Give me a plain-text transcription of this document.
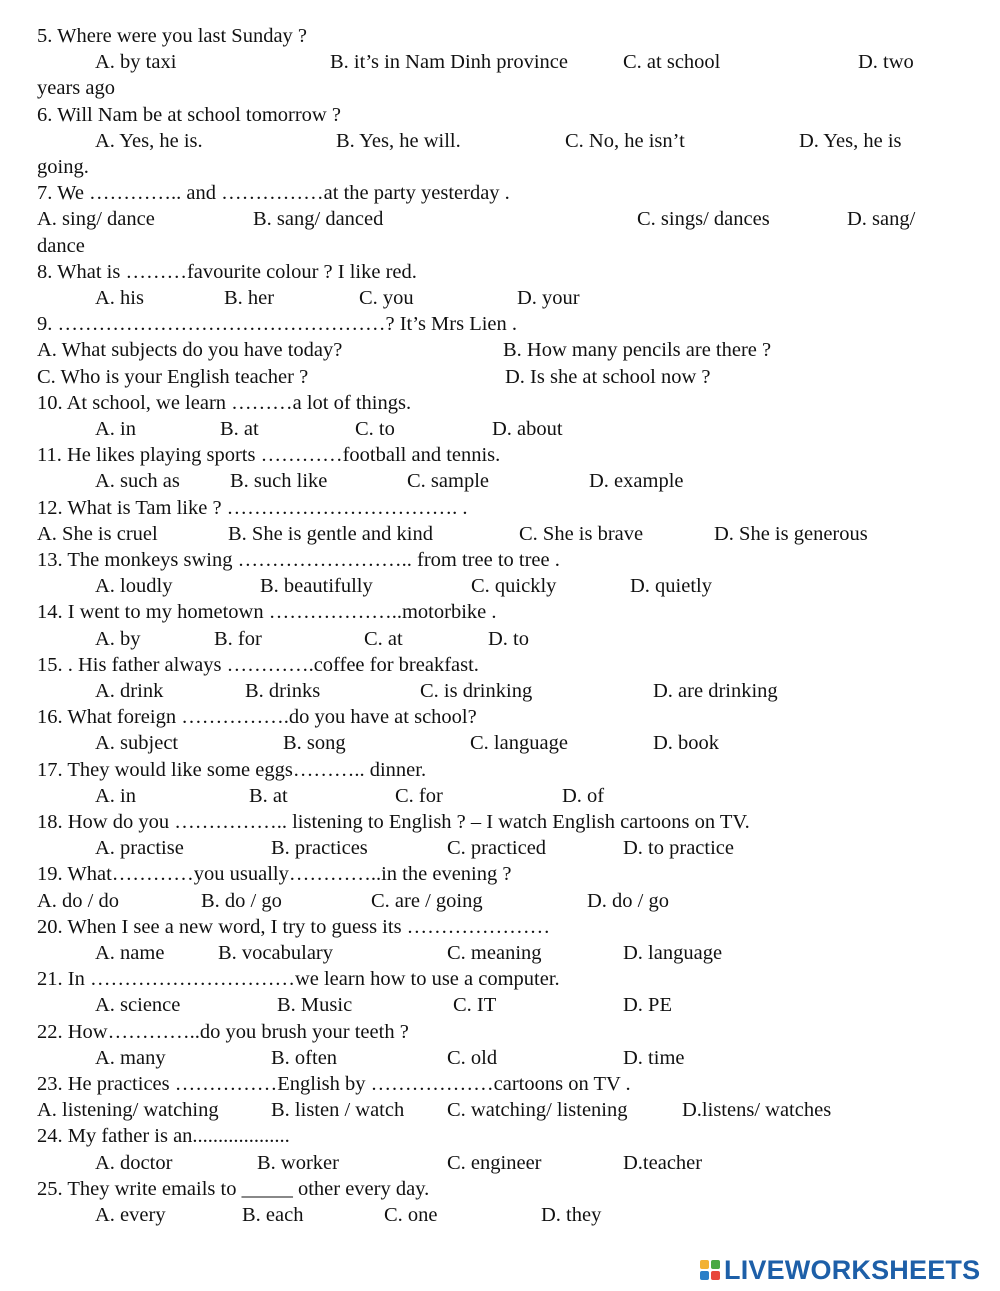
5. Where were you last Sunday ?
A. by taxi	B. it’s in Nam Dinh province	C. at school	D. two
years ago
6. Will Nam be at school tomorrow ?
A. Yes, he is.	B. Yes, he will.	C. No, he isn’t	D. Yes, he is
going.
7. We ………….. and ……………at the party yesterday .
A. sing/ dance	B. sang/ danced	C. sings/ dances	D. sang/
dance
8. What is ………favourite colour ? I like red.
A. his	B. her	C. you	D. your
9. …………………………………………? It’s Mrs Lien .
A. What subjects do you have today?	B. How many pencils are there ?
C. Who is your English teacher ?	D. Is she at school now ?
10. At school, we learn ………a lot of things.
A. in	B. at	C. to	D. about
11. He likes playing sports …………football and tennis.
A. such as B. such like	C. sample	D. example
12. What is Tam like ? ……………………………. .
A. She is cruel	B. She is gentle and kind	C. She is brave	D. She is generous
13. The monkeys swing …………………….. from tree to tree .
A. loudly	B. beautifully	C. quickly	D. quietly
14. I went to my hometown ………………..motorbike .
A. by	B. for	C. at	D. to
15. . His father always ………….coffee for breakfast.
A. drink	B. drinks	C. is drinking	D. are drinking
16. What foreign …………….do you have at school?
A. subject	B. song	C. language	D. book
17. They would like some eggs……….. dinner.
A. in	B. at	C. for	D. of
18. How do you …………….. listening to English ? – I watch English cartoons on TV.
A. practise	B. practices	C. practiced	D. to practice
19. What…………you usually…………..in the evening ?
A. do / do	B. do / go	C. are / going	D. do / go
20. When I see a new word, I try to guess its …………………
A. name	B. vocabulary	C. meaning	D. language
21. In …………………………we learn how to use a computer.
A. science	B. Music	C. IT	D. PE
22. How…………..do you brush your teeth ?
A. many	B. often	C. old	D. time
23. He practices ……………English by ………………cartoons on TV .
A. listening/ watching	B. listen / watch C. watching/ listening	D.listens/ watches
24. My father is an...................
A. doctor	B. worker	C. engineer	D.teacher
25. They write emails to _____ other every day.
A. every	B. each	C. one	D. they
LIVEWORKSHEETS
